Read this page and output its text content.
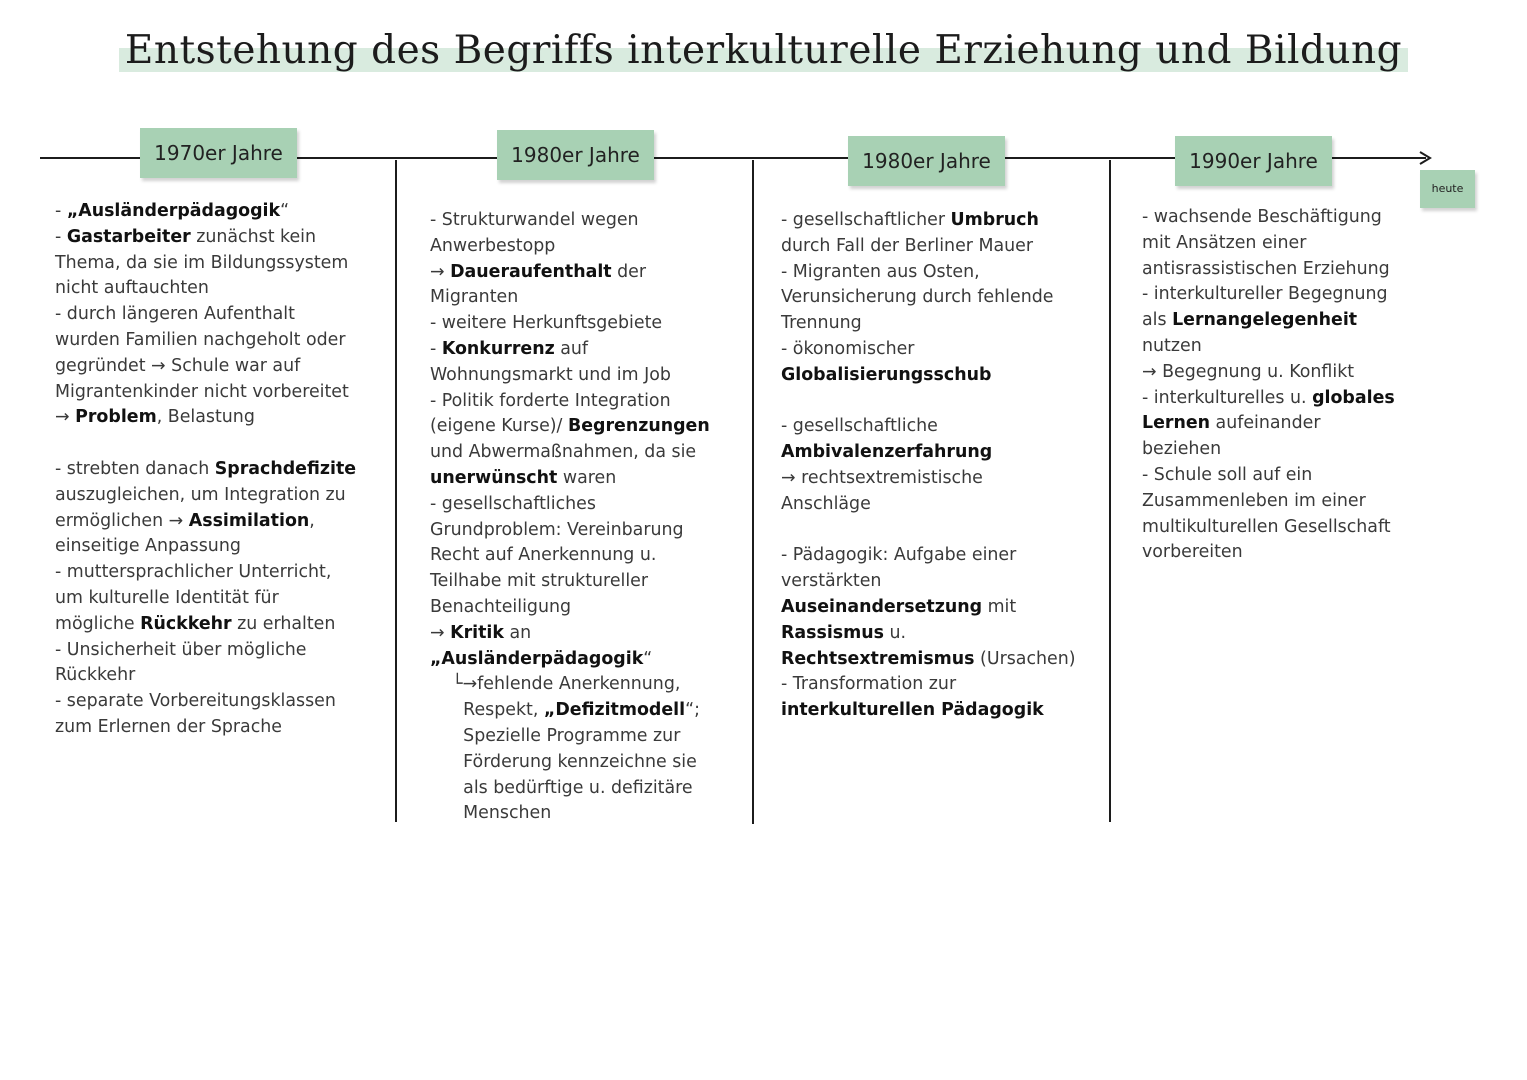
Entstehung des Begriffs interkulturelle Erziehung und Bildung
1970er Jahre	1980er Jahre	1980er Jahre	1990er Jahre
heute
- „Ausländerpädagogik“
- Gastarbeiter zunächst kein
Thema, da sie im Bildungssystem
nicht auftauchten
- durch längeren Aufenthalt
wurden Familien nachgeholt oder
gegründet → Schule war auf
Migrantenkinder nicht vorbereitet
→ Problem, Belastung
- strebten danach Sprachdefizite
auszugleichen, um Integration zu
ermöglichen → Assimilation,
einseitige Anpassung
- muttersprachlicher Unterricht,
um kulturelle Identität für
mögliche Rückkehr zu erhalten
- Unsicherheit über mögliche
Rückkehr
- separate Vorbereitungsklassen
zum Erlernen der Sprache
- Strukturwandel wegen
Anwerbestopp
→ Daueraufenthalt der
Migranten
- weitere Herkunftsgebiete
- Konkurrenz auf
Wohnungsmarkt und im Job
- Politik forderte Integration
(eigene Kurse)/ Begrenzungen
und Abwermaßnahmen, da sie
unerwünscht waren
- gesellschaftliches
Grundproblem: Vereinbarung
Recht auf Anerkennung u.
Teilhabe mit struktureller
Benachteiligung
→ Kritik an
„Ausländerpädagogik“
└→fehlende Anerkennung,
Respekt, „Defizitmodell“;
Spezielle Programme zur
Förderung kennzeichne sie
als bedürftige u. defizitäre
Menschen
- gesellschaftlicher Umbruch
durch Fall der Berliner Mauer
- Migranten aus Osten,
Verunsicherung durch fehlende
Trennung
- ökonomischer
Globalisierungsschub
- gesellschaftliche
Ambivalenzerfahrung
→ rechtsextremistische
Anschläge
- Pädagogik: Aufgabe einer
verstärkten
Auseinandersetzung mit
Rassismus u.
Rechtsextremismus (Ursachen)
- Transformation zur
interkulturellen Pädagogik
- wachsende Beschäftigung
mit Ansätzen einer
antisrassistischen Erziehung
- interkultureller Begegnung
als Lernangelegenheit
nutzen
→ Begegnung u. Konflikt
- interkulturelles u. globales
Lernen aufeinander
beziehen
- Schule soll auf ein
Zusammenleben im einer
multikulturellen Gesellschaft
vorbereiten
